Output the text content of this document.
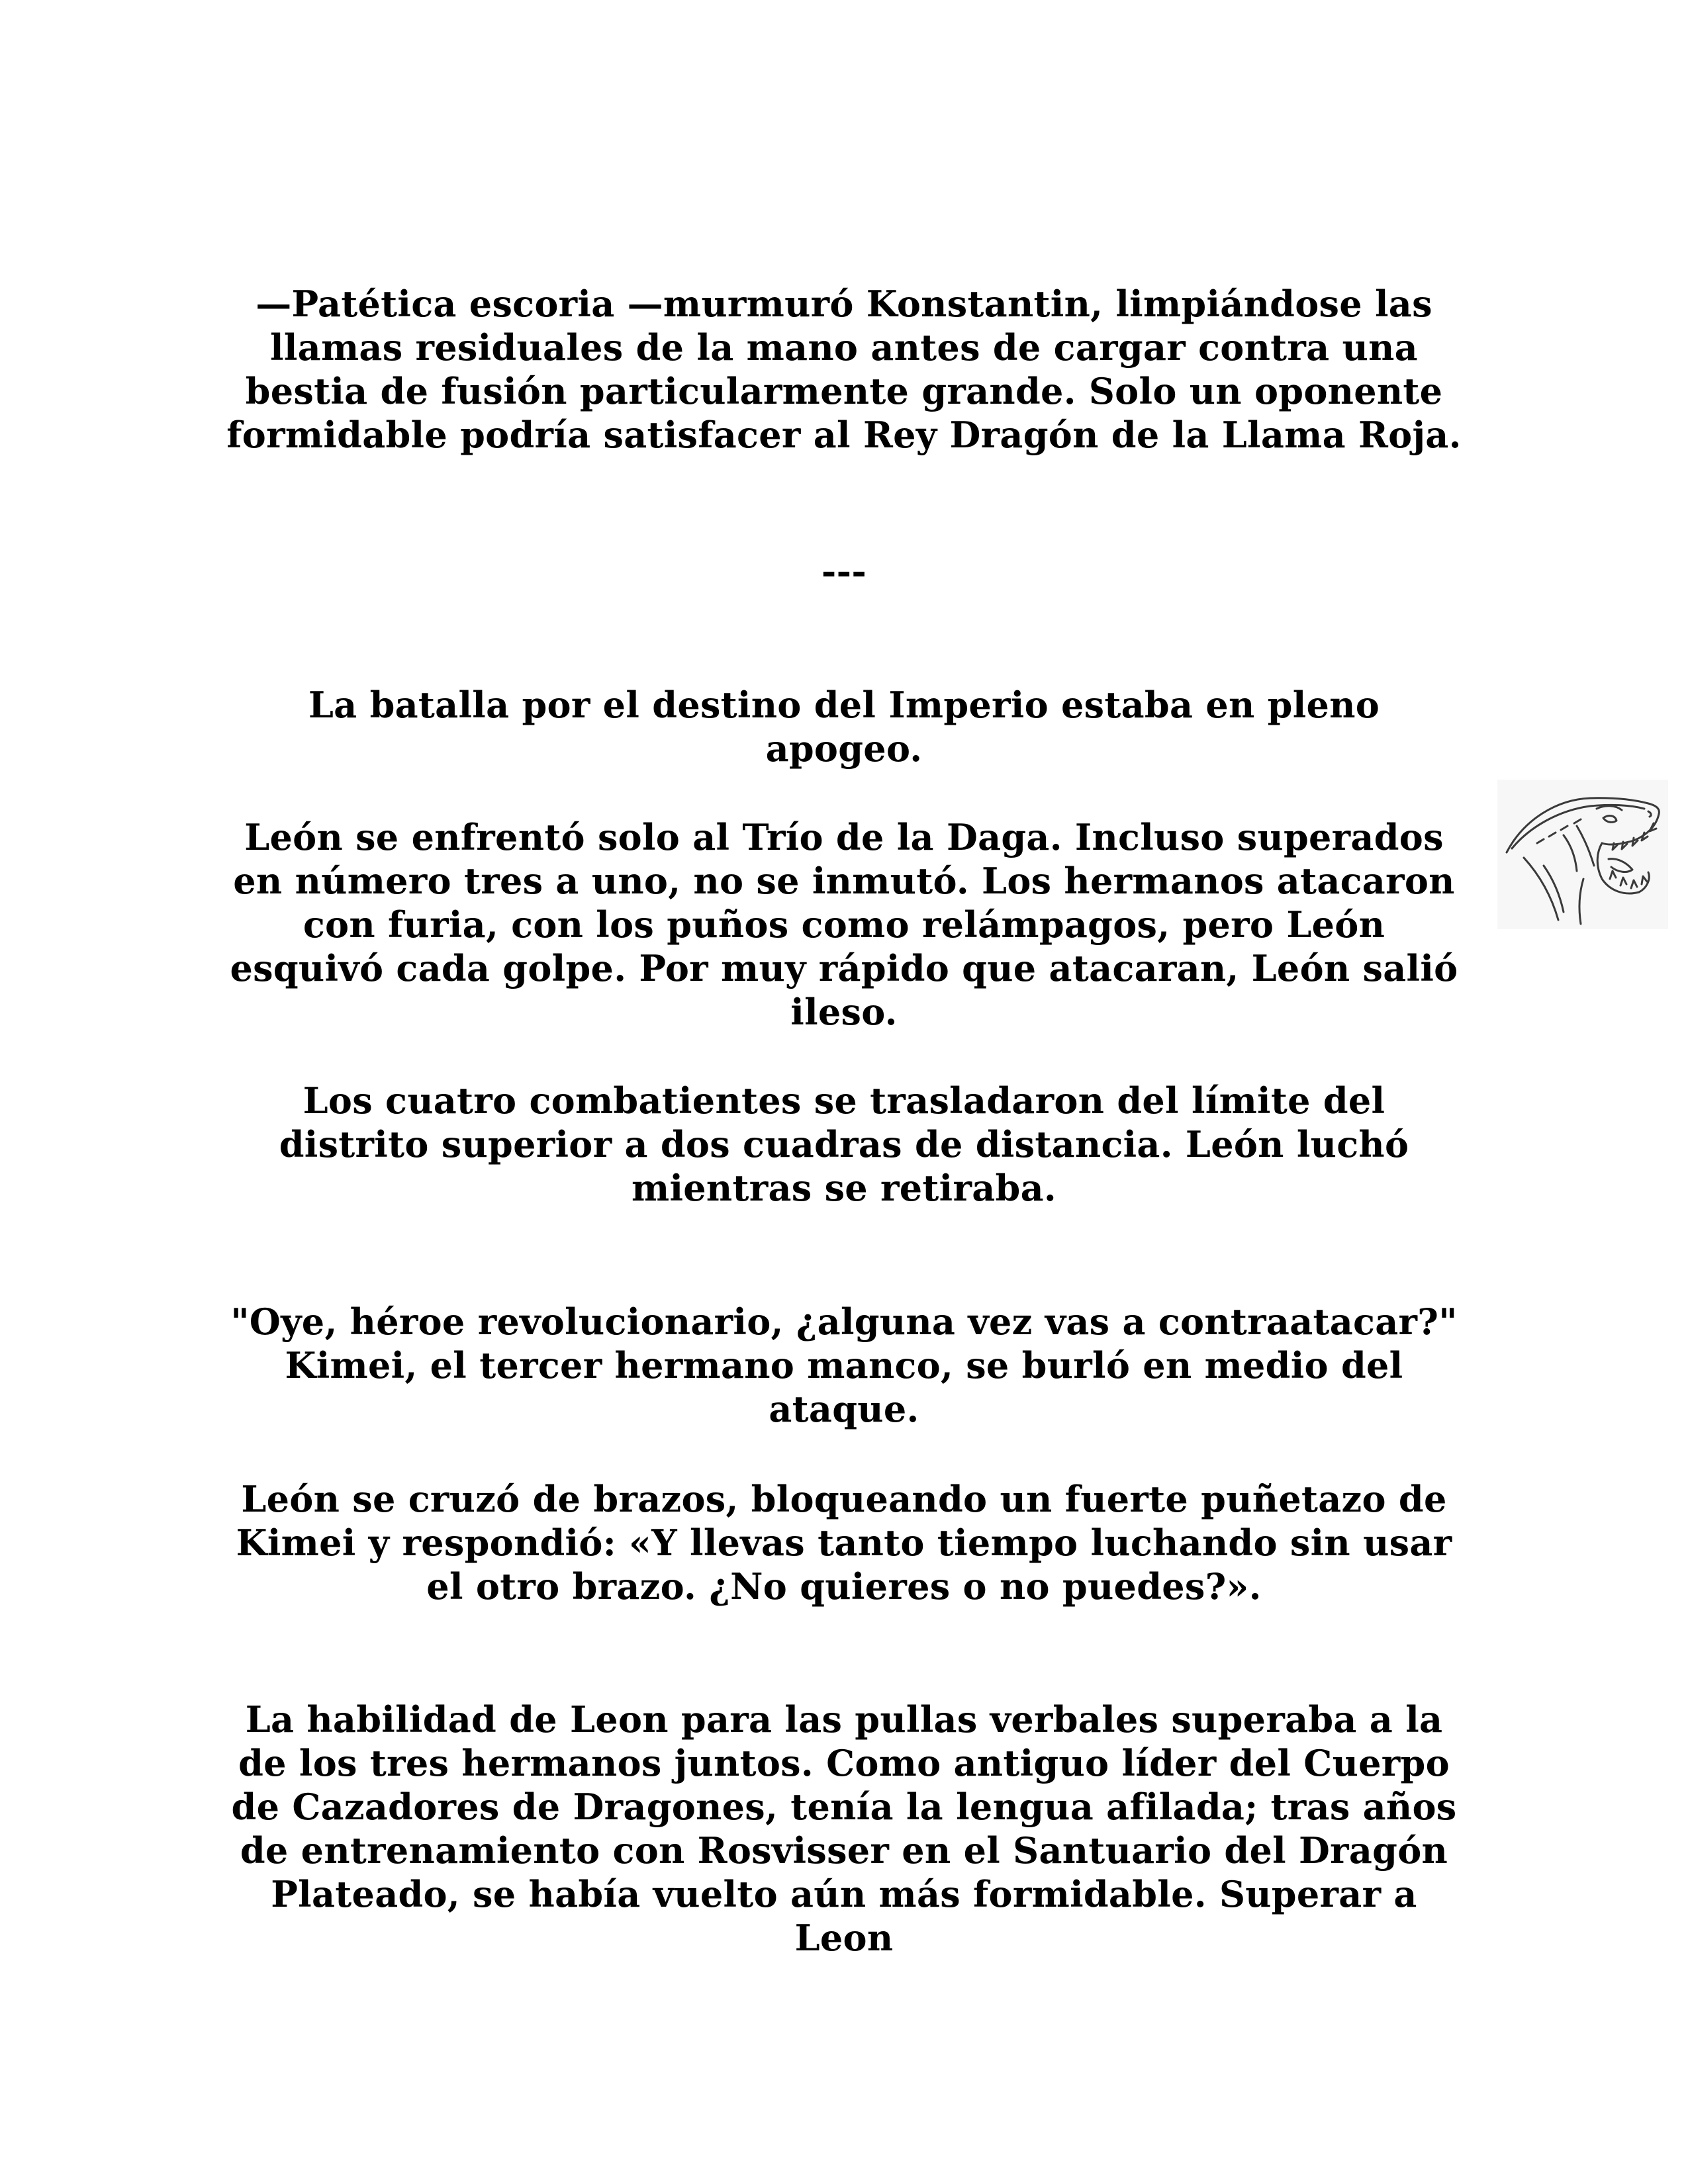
—Patética escoria —murmuró Konstantin, limpiándose las llamas residuales de la mano antes de cargar contra una bestia de fusión particularmente grande. Solo un oponente formidable podría satisfacer al Rey Dragón de la Llama Roja.

---

La batalla por el destino del Imperio estaba en pleno apogeo.

León se enfrentó solo al Trío de la Daga. Incluso superados en número tres a uno, no se inmutó. Los hermanos atacaron con furia, con los puños como relámpagos, pero León esquivó cada golpe. Por muy rápido que atacaran, León salió ileso.

Los cuatro combatientes se trasladaron del límite del distrito superior a dos cuadras de distancia. León luchó mientras se retiraba.

"Oye, héroe revolucionario, ¿alguna vez vas a contraatacar?" Kimei, el tercer hermano manco, se burló en medio del ataque.

León se cruzó de brazos, bloqueando un fuerte puñetazo de Kimei y respondió: «Y llevas tanto tiempo luchando sin usar el otro brazo. ¿No quieres o no puedes?».

La habilidad de Leon para las pullas verbales superaba a la de los tres hermanos juntos. Como antiguo líder del Cuerpo de Cazadores de Dragones, tenía la lengua afilada; tras años de entrenamiento con Rosvisser en el Santuario del Dragón Plateado, se había vuelto aún más formidable. Superar a Leon
